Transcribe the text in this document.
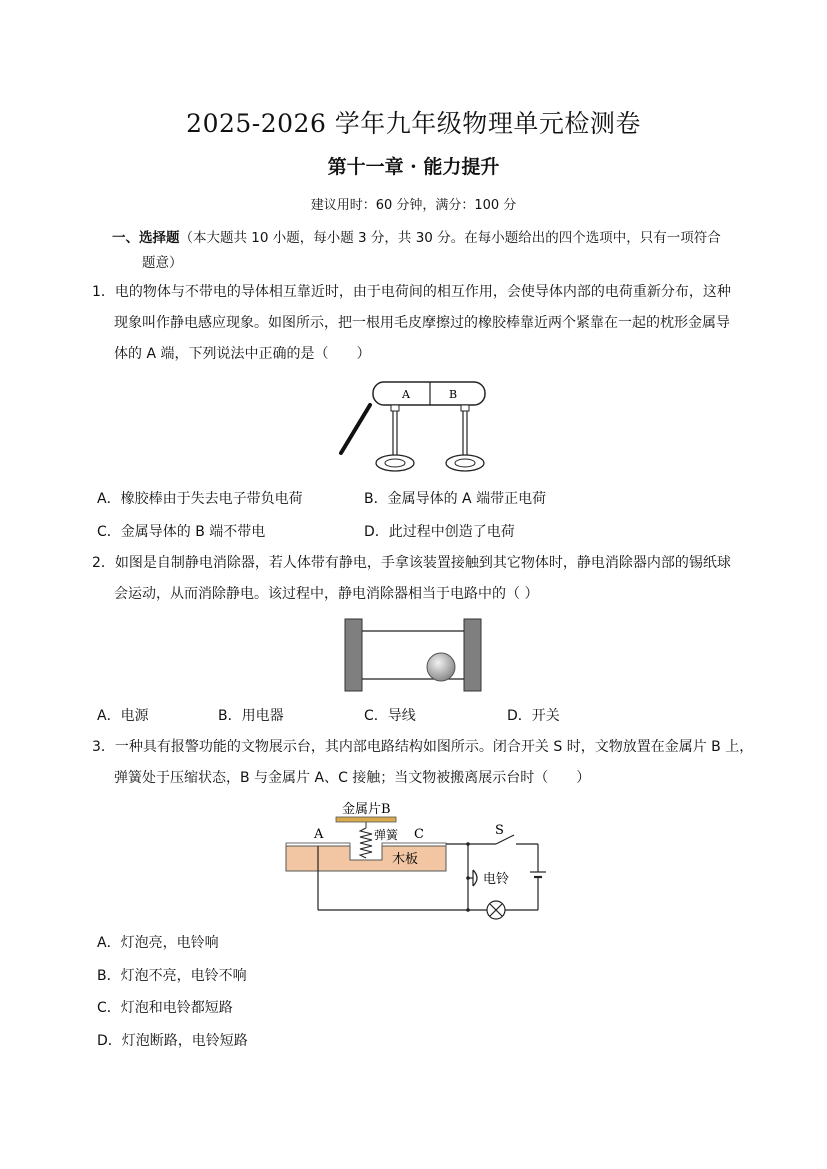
2025-2026 学年九年级物理单元检测卷
第十一章 · 能力提升
建议用时：60 分钟，满分：100 分
一、选择题（本大题共 10 小题，每小题 3 分，共 30 分。在每小题给出的四个选项中，只有一项符合
题意）
1．电的物体与不带电的导体相互靠近时，由于电荷间的相互作用，会使导体内部的电荷重新分布，这种
现象叫作静电感应现象。如图所示，把一根用毛皮摩擦过的橡胶棒靠近两个紧靠在一起的枕形金属导
体的 A 端，下列说法中正确的是（　　）
A	B
A．橡胶棒由于失去电子带负电荷	B．金属导体的 A 端带正电荷
C．金属导体的 B 端不带电	D．此过程中创造了电荷
2．如图是自制静电消除器，若人体带有静电，手拿该装置接触到其它物体时，静电消除器内部的锡纸球
会运动，从而消除静电。该过程中，静电消除器相当于电路中的（ ）
A．电源	B．用电器	C．导线	D．开关
3．一种具有报警功能的文物展示台，其内部电路结构如图所示。闭合开关 S 时，文物放置在金属片 B 上，
弹簧处于压缩状态，B 与金属片 A、C 接触；当文物被搬离展示台时（　　）
金属片B
弹簧
A	C
木板
S
电铃
A．灯泡亮，电铃响
B．灯泡不亮，电铃不响
C．灯泡和电铃都短路
D．灯泡断路，电铃短路
